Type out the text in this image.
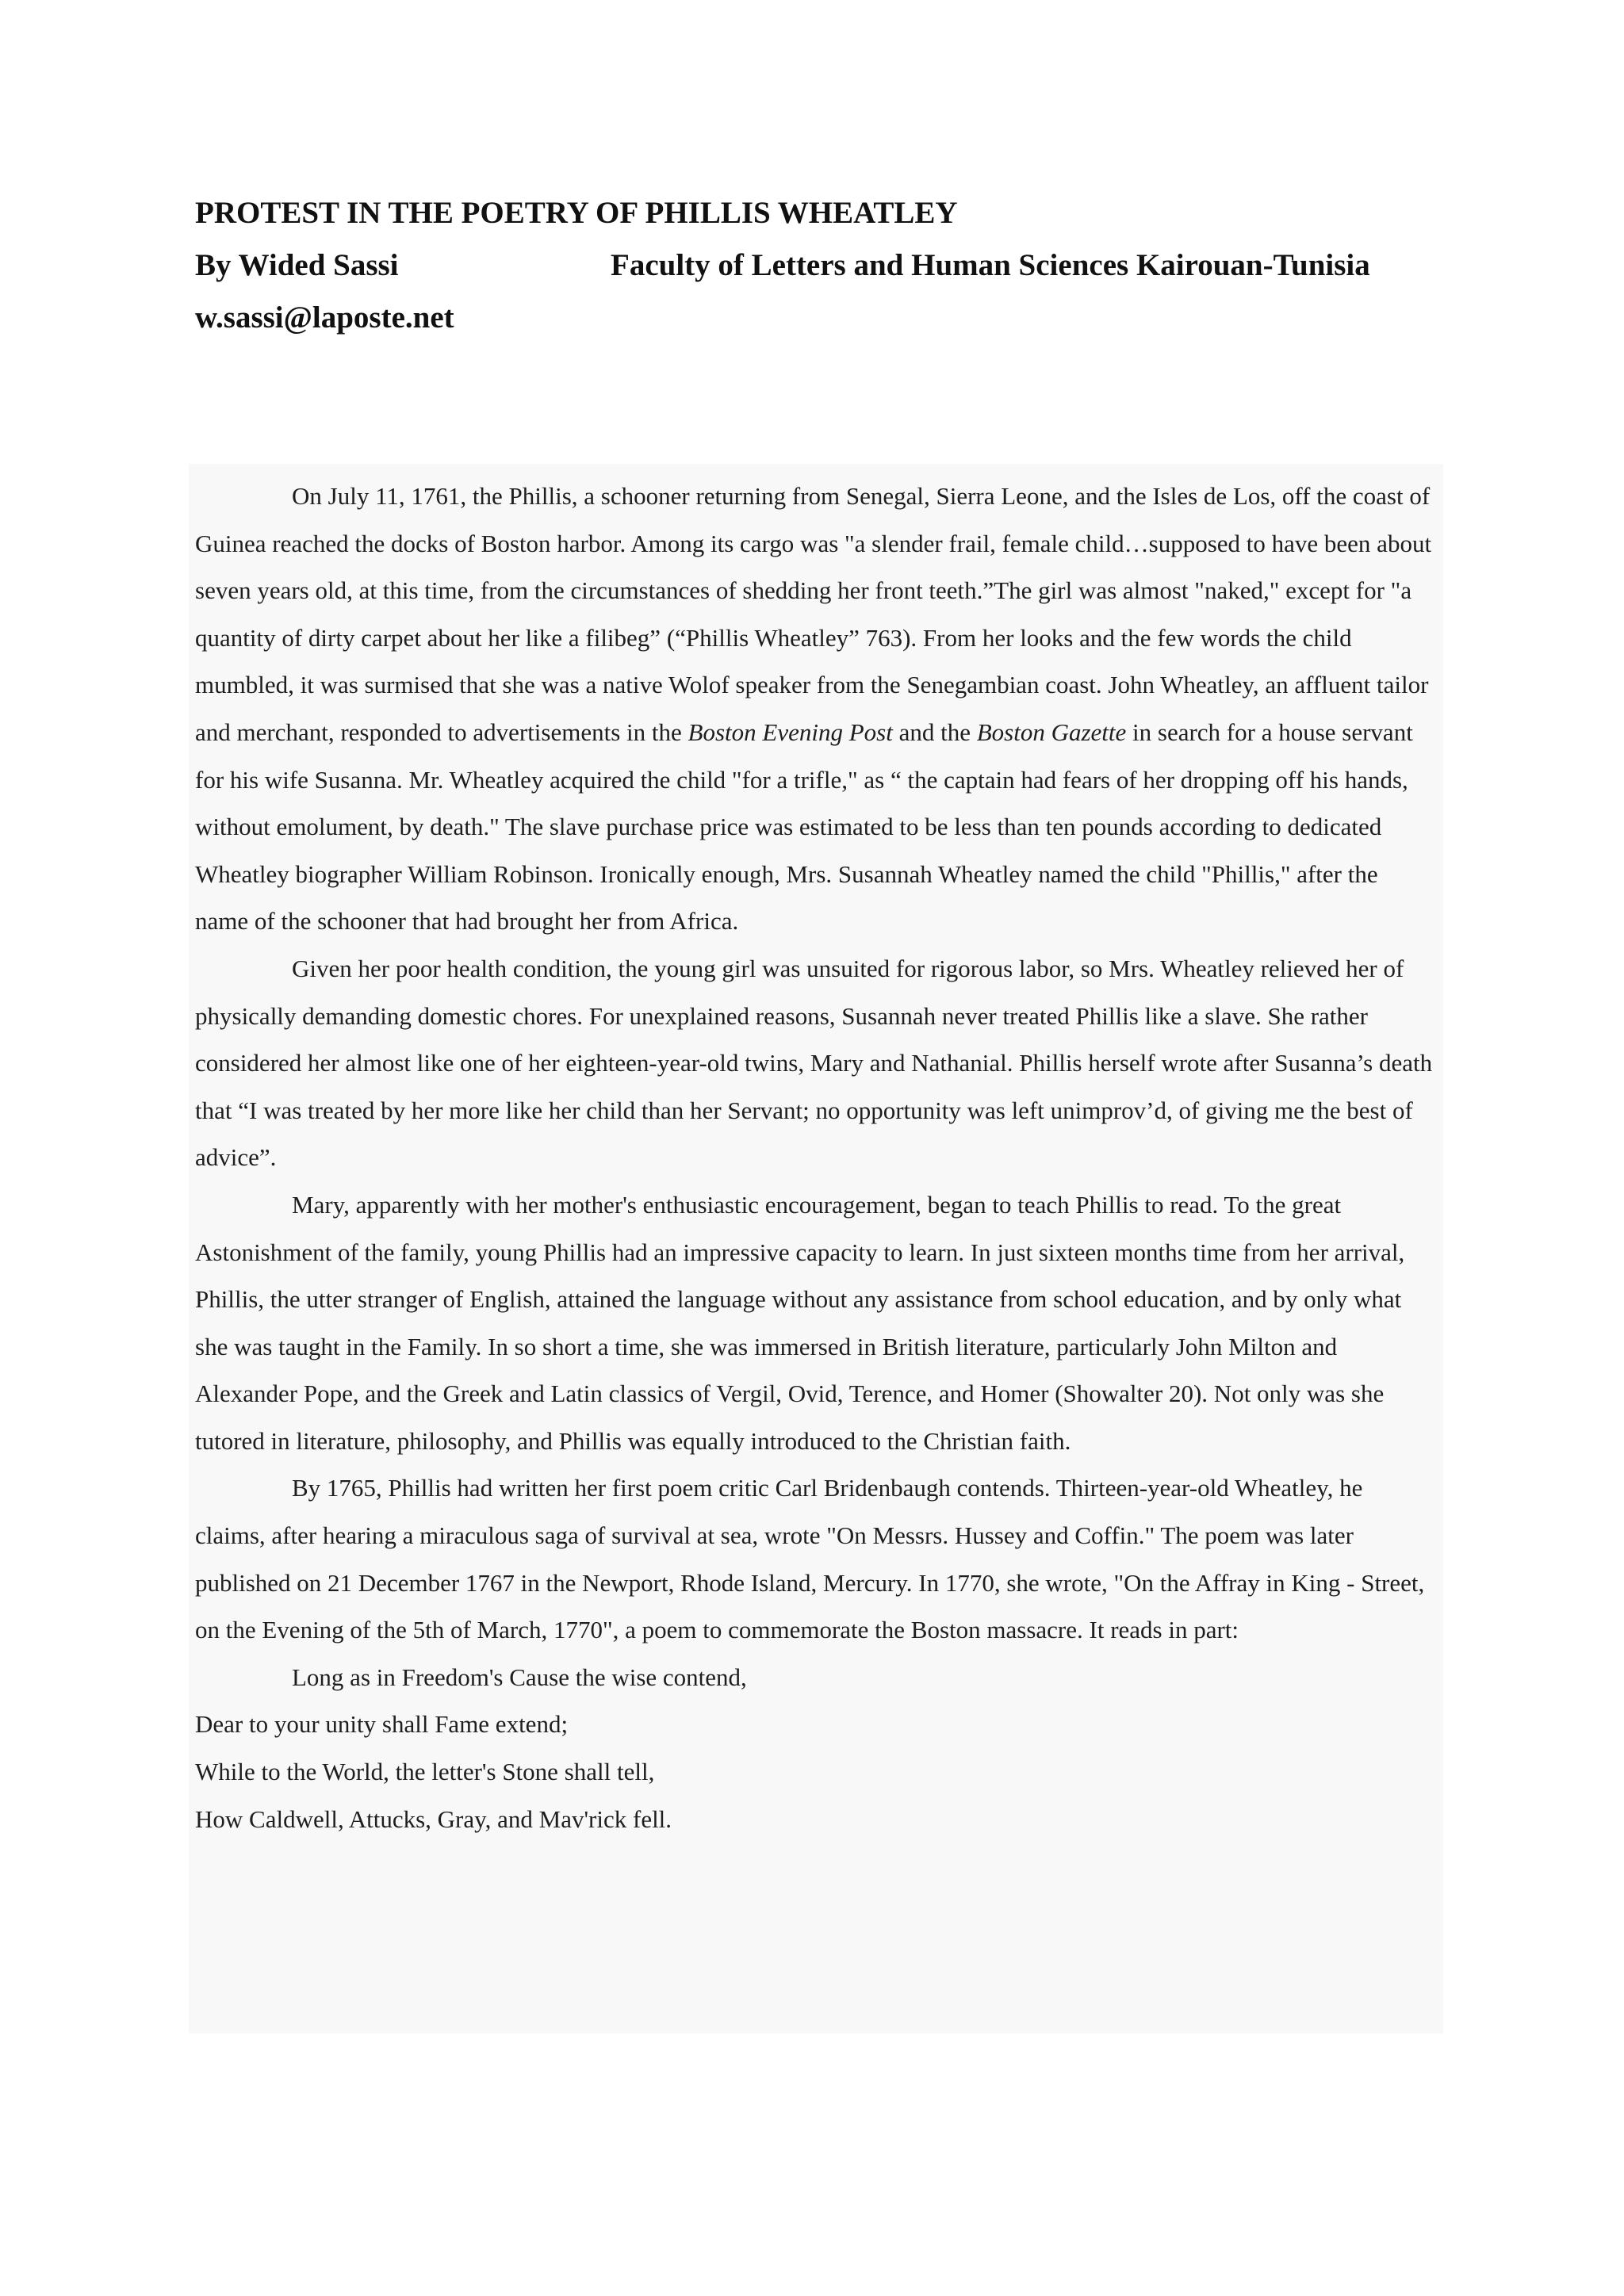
PROTEST IN THE POETRY OF PHILLIS WHEATLEY
By Wided Sassi	Faculty of Letters and Human Sciences Kairouan-Tunisia
w.sassi@laposte.net

On July 11, 1761, the Phillis, a schooner returning from Senegal, Sierra Leone, and the Isles de Los, off the coast of Guinea reached the docks of Boston harbor. Among its cargo was "a slender frail, female child…supposed to have been about seven years old, at this time, from the circumstances of shedding her front teeth.”The girl was almost "naked," except for "a quantity of dirty carpet about her like a filibeg” (“Phillis Wheatley” 763). From her looks and the few words the child mumbled, it was surmised that she was a native Wolof speaker from the Senegambian coast. John Wheatley, an affluent tailor and merchant, responded to advertisements in the Boston Evening Post and the Boston Gazette in search for a house servant for his wife Susanna. Mr. Wheatley acquired the child "for a trifle," as “ the captain had fears of her dropping off his hands, without emolument, by death." The slave purchase price was estimated to be less than ten pounds according to dedicated Wheatley biographer William Robinson. Ironically enough, Mrs. Susannah Wheatley named the child "Phillis," after the name of the schooner that had brought her from Africa.

Given her poor health condition, the young girl was unsuited for rigorous labor, so Mrs. Wheatley relieved her of physically demanding domestic chores. For unexplained reasons, Susannah never treated Phillis like a slave. She rather considered her almost like one of her eighteen-year-old twins, Mary and Nathanial. Phillis herself wrote after Susanna’s death that “I was treated by her more like her child than her Servant; no opportunity was left unimprov’d, of giving me the best of advice”.

Mary, apparently with her mother's enthusiastic encouragement, began to teach Phillis to read. To the great Astonishment of the family, young Phillis had an impressive capacity to learn. In just sixteen months time from her arrival, Phillis, the utter stranger of English, attained the language without any assistance from school education, and by only what she was taught in the Family. In so short a time, she was immersed in British literature, particularly John Milton and Alexander Pope, and the Greek and Latin classics of Vergil, Ovid, Terence, and Homer (Showalter 20). Not only was she tutored in literature, philosophy, and Phillis was equally introduced to the Christian faith.

By 1765, Phillis had written her first poem critic Carl Bridenbaugh contends. Thirteen-year-old Wheatley, he claims, after hearing a miraculous saga of survival at sea, wrote "On Messrs. Hussey and Coffin." The poem was later published on 21 December 1767 in the Newport, Rhode Island, Mercury. In 1770, she wrote, "On the Affray in King - Street, on the Evening of the 5th of March, 1770", a poem to commemorate the Boston massacre. It reads in part:

Long as in Freedom's Cause the wise contend,
Dear to your unity shall Fame extend;
While to the World, the letter's Stone shall tell,
How Caldwell, Attucks, Gray, and Mav'rick fell.
